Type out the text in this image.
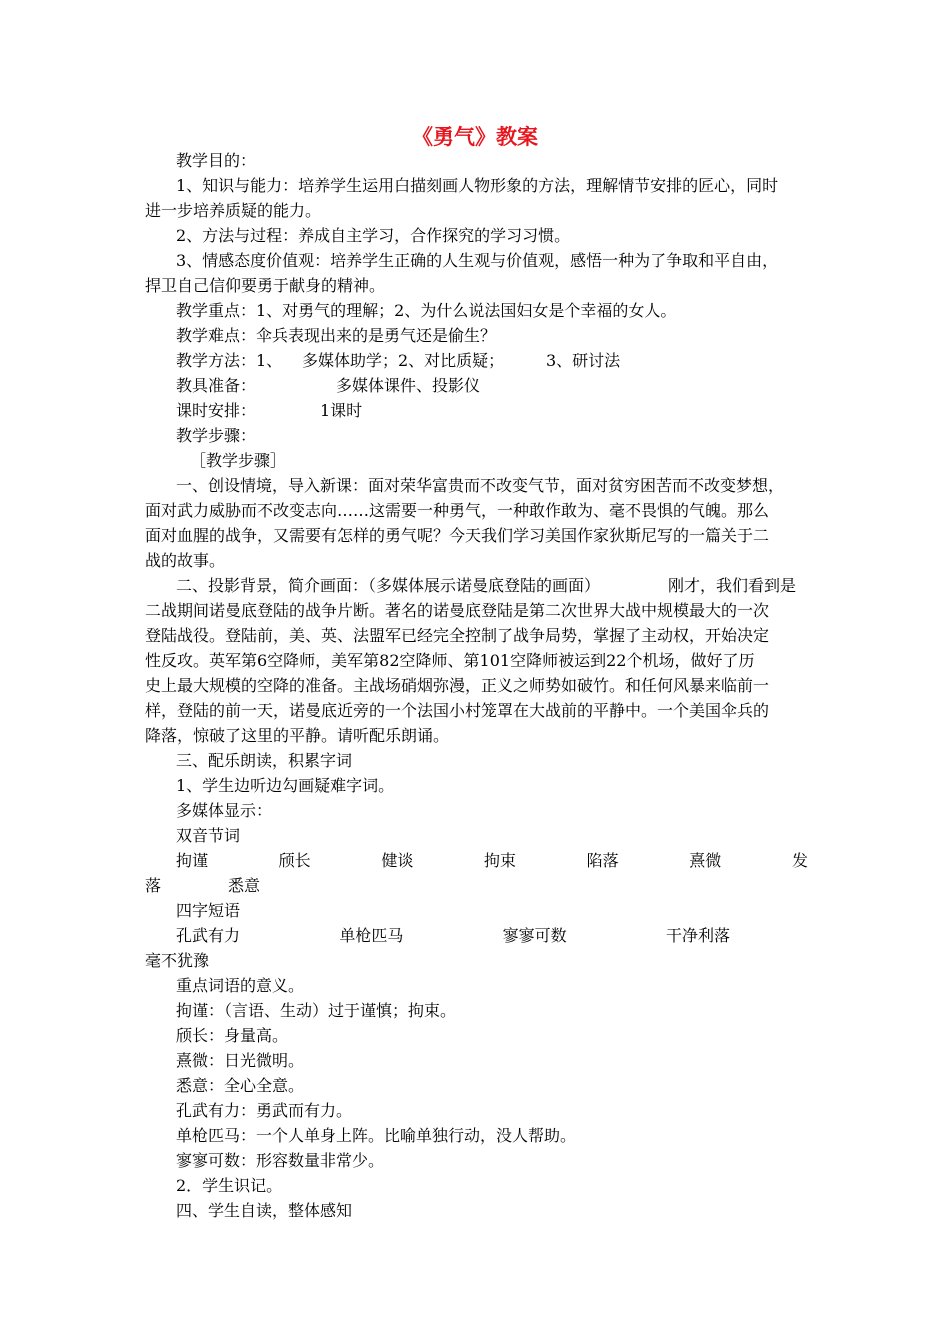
《勇气》教案
教学目的：
1、知识与能力：培养学生运用白描刻画人物形象的方法，理解情节安排的匠心，同时
进一步培养质疑的能力。
2、方法与过程：养成自主学习，合作探究的学习习惯。
3、情感态度价值观：培养学生正确的人生观与价值观，感悟一种为了争取和平自由，
捍卫自己信仰要勇于献身的精神。
教学重点：1、对勇气的理解；2、为什么说法国妇女是个幸福的女人。
教学难点：伞兵表现出来的是勇气还是偷生？
教学方法：1、 多媒体助学；2、对比质疑；	3、研讨法
教具准备：	多媒体课件、投影仪
课时安排：	1课时
教学步骤：
［教学步骤］
一、创设情境，导入新课：面对荣华富贵而不改变气节，面对贫穷困苦而不改变梦想，
面对武力威胁而不改变志向……这需要一种勇气，一种敢作敢为、毫不畏惧的气魄。那么
面对血腥的战争，又需要有怎样的勇气呢？今天我们学习美国作家狄斯尼写的一篇关于二
战的故事。
二、投影背景，简介画面：（多媒体展示诺曼底登陆的画面）	刚才，我们看到是
二战期间诺曼底登陆的战争片断。著名的诺曼底登陆是第二次世界大战中规模最大的一次
登陆战役。登陆前，美、英、法盟军已经完全控制了战争局势，掌握了主动权，开始决定
性反攻。英军第6空降师，美军第82空降师、第101空降师被运到22个机场，做好了历
史上最大规模的空降的准备。主战场硝烟弥漫，正义之师势如破竹。和任何风暴来临前一
样，登陆的前一天，诺曼底近旁的一个法国小村笼罩在大战前的平静中。一个美国伞兵的
降落，惊破了这里的平静。请听配乐朗诵。
三、配乐朗读，积累字词
1、学生边听边勾画疑难字词。
多媒体显示：
双音节词
拘谨	颀长	健谈	拘束	陷落	熹微	发
落	悉意
四字短语
孔武有力	单枪匹马	寥寥可数	干净利落
毫不犹豫
重点词语的意义。
拘谨：（言语、生动）过于谨慎；拘束。
颀长：身量高。
熹微：日光微明。
悉意：全心全意。
孔武有力：勇武而有力。
单枪匹马：一个人单身上阵。比喻单独行动，没人帮助。
寥寥可数：形容数量非常少。
2．学生识记。
四、学生自读，整体感知
